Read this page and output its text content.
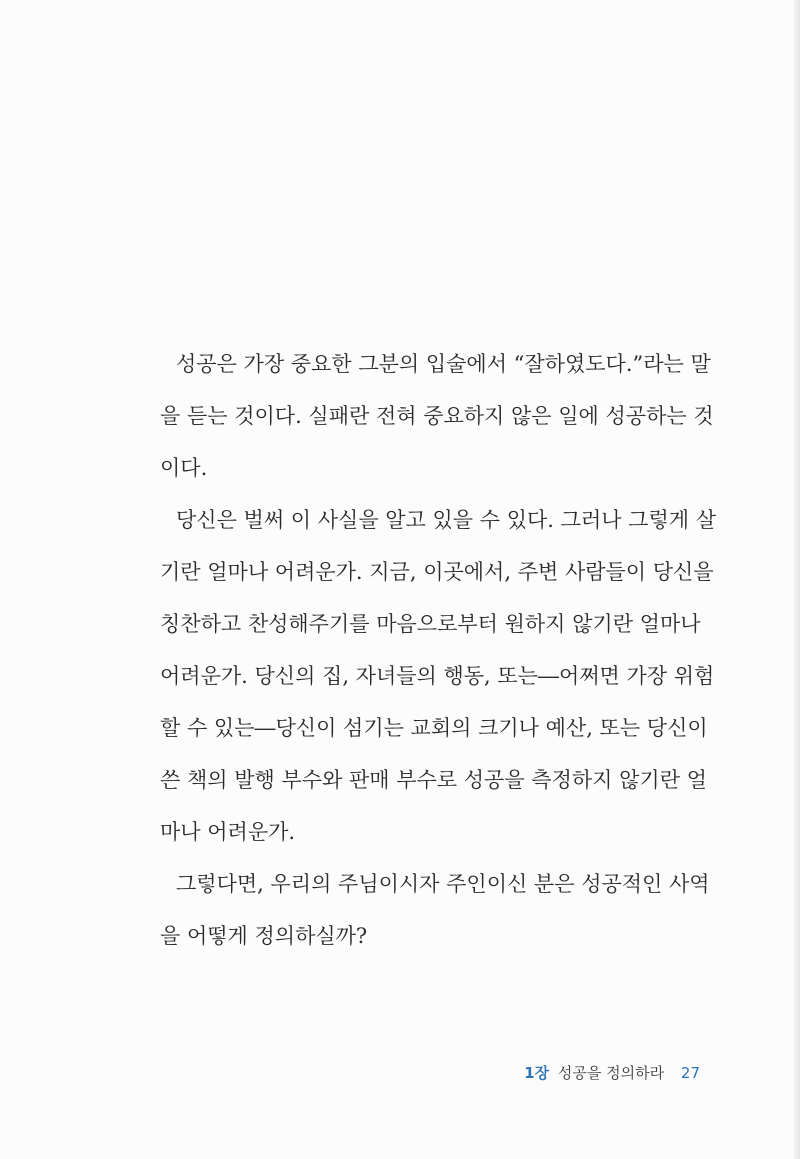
성공은 가장 중요한 그분의 입술에서 “잘하였도다.”라는 말
을 듣는 것이다. 실패란 전혀 중요하지 않은 일에 성공하는 것
이다.
당신은 벌써 이 사실을 알고 있을 수 있다. 그러나 그렇게 살
기란 얼마나 어려운가. 지금, 이곳에서, 주변 사람들이 당신을
칭찬하고 찬성해주기를 마음으로부터 원하지 않기란 얼마나
어려운가. 당신의 집, 자녀들의 행동, 또는―어쩌면 가장 위험
할 수 있는―당신이 섬기는 교회의 크기나 예산, 또는 당신이
쓴 책의 발행 부수와 판매 부수로 성공을 측정하지 않기란 얼
마나 어려운가.
그렇다면, 우리의 주님이시자 주인이신 분은 성공적인 사역
을 어떻게 정의하실까?
1장 성공을 정의하라 27
